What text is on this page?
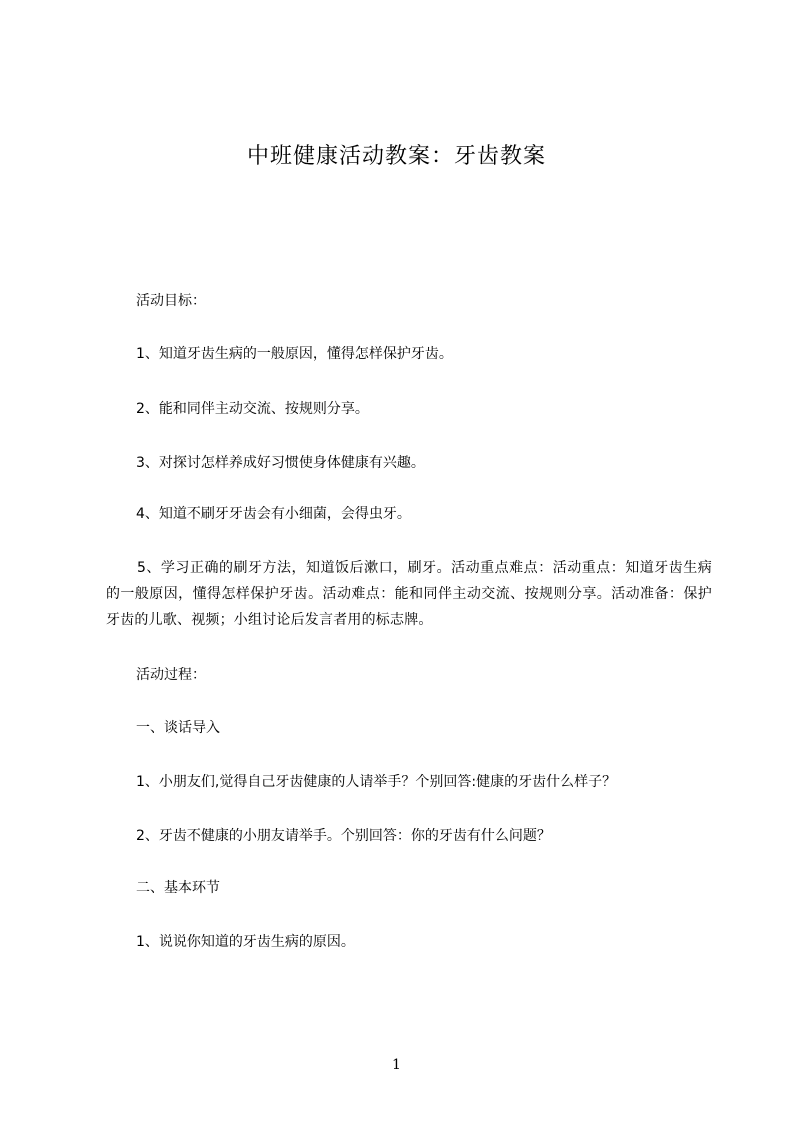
中班健康活动教案：牙齿教案

活动目标：

1、知道牙齿生病的一般原因，懂得怎样保护牙齿。

2、能和同伴主动交流、按规则分享。

3、对探讨怎样养成好习惯使身体健康有兴趣。

4、知道不刷牙牙齿会有小细菌，会得虫牙。

5、学习正确的刷牙方法，知道饭后漱口，刷牙。活动重点难点：活动重点：知道牙齿生病的一般原因，懂得怎样保护牙齿。活动难点：能和同伴主动交流、按规则分享。活动准备：保护牙齿的儿歌、视频；小组讨论后发言者用的标志牌。

活动过程：

一、谈话导入

1、小朋友们,觉得自己牙齿健康的人请举手？个别回答:健康的牙齿什么样子？

2、牙齿不健康的小朋友请举手。个别回答：你的牙齿有什么问题？

二、基本环节

1、说说你知道的牙齿生病的原因。

1
